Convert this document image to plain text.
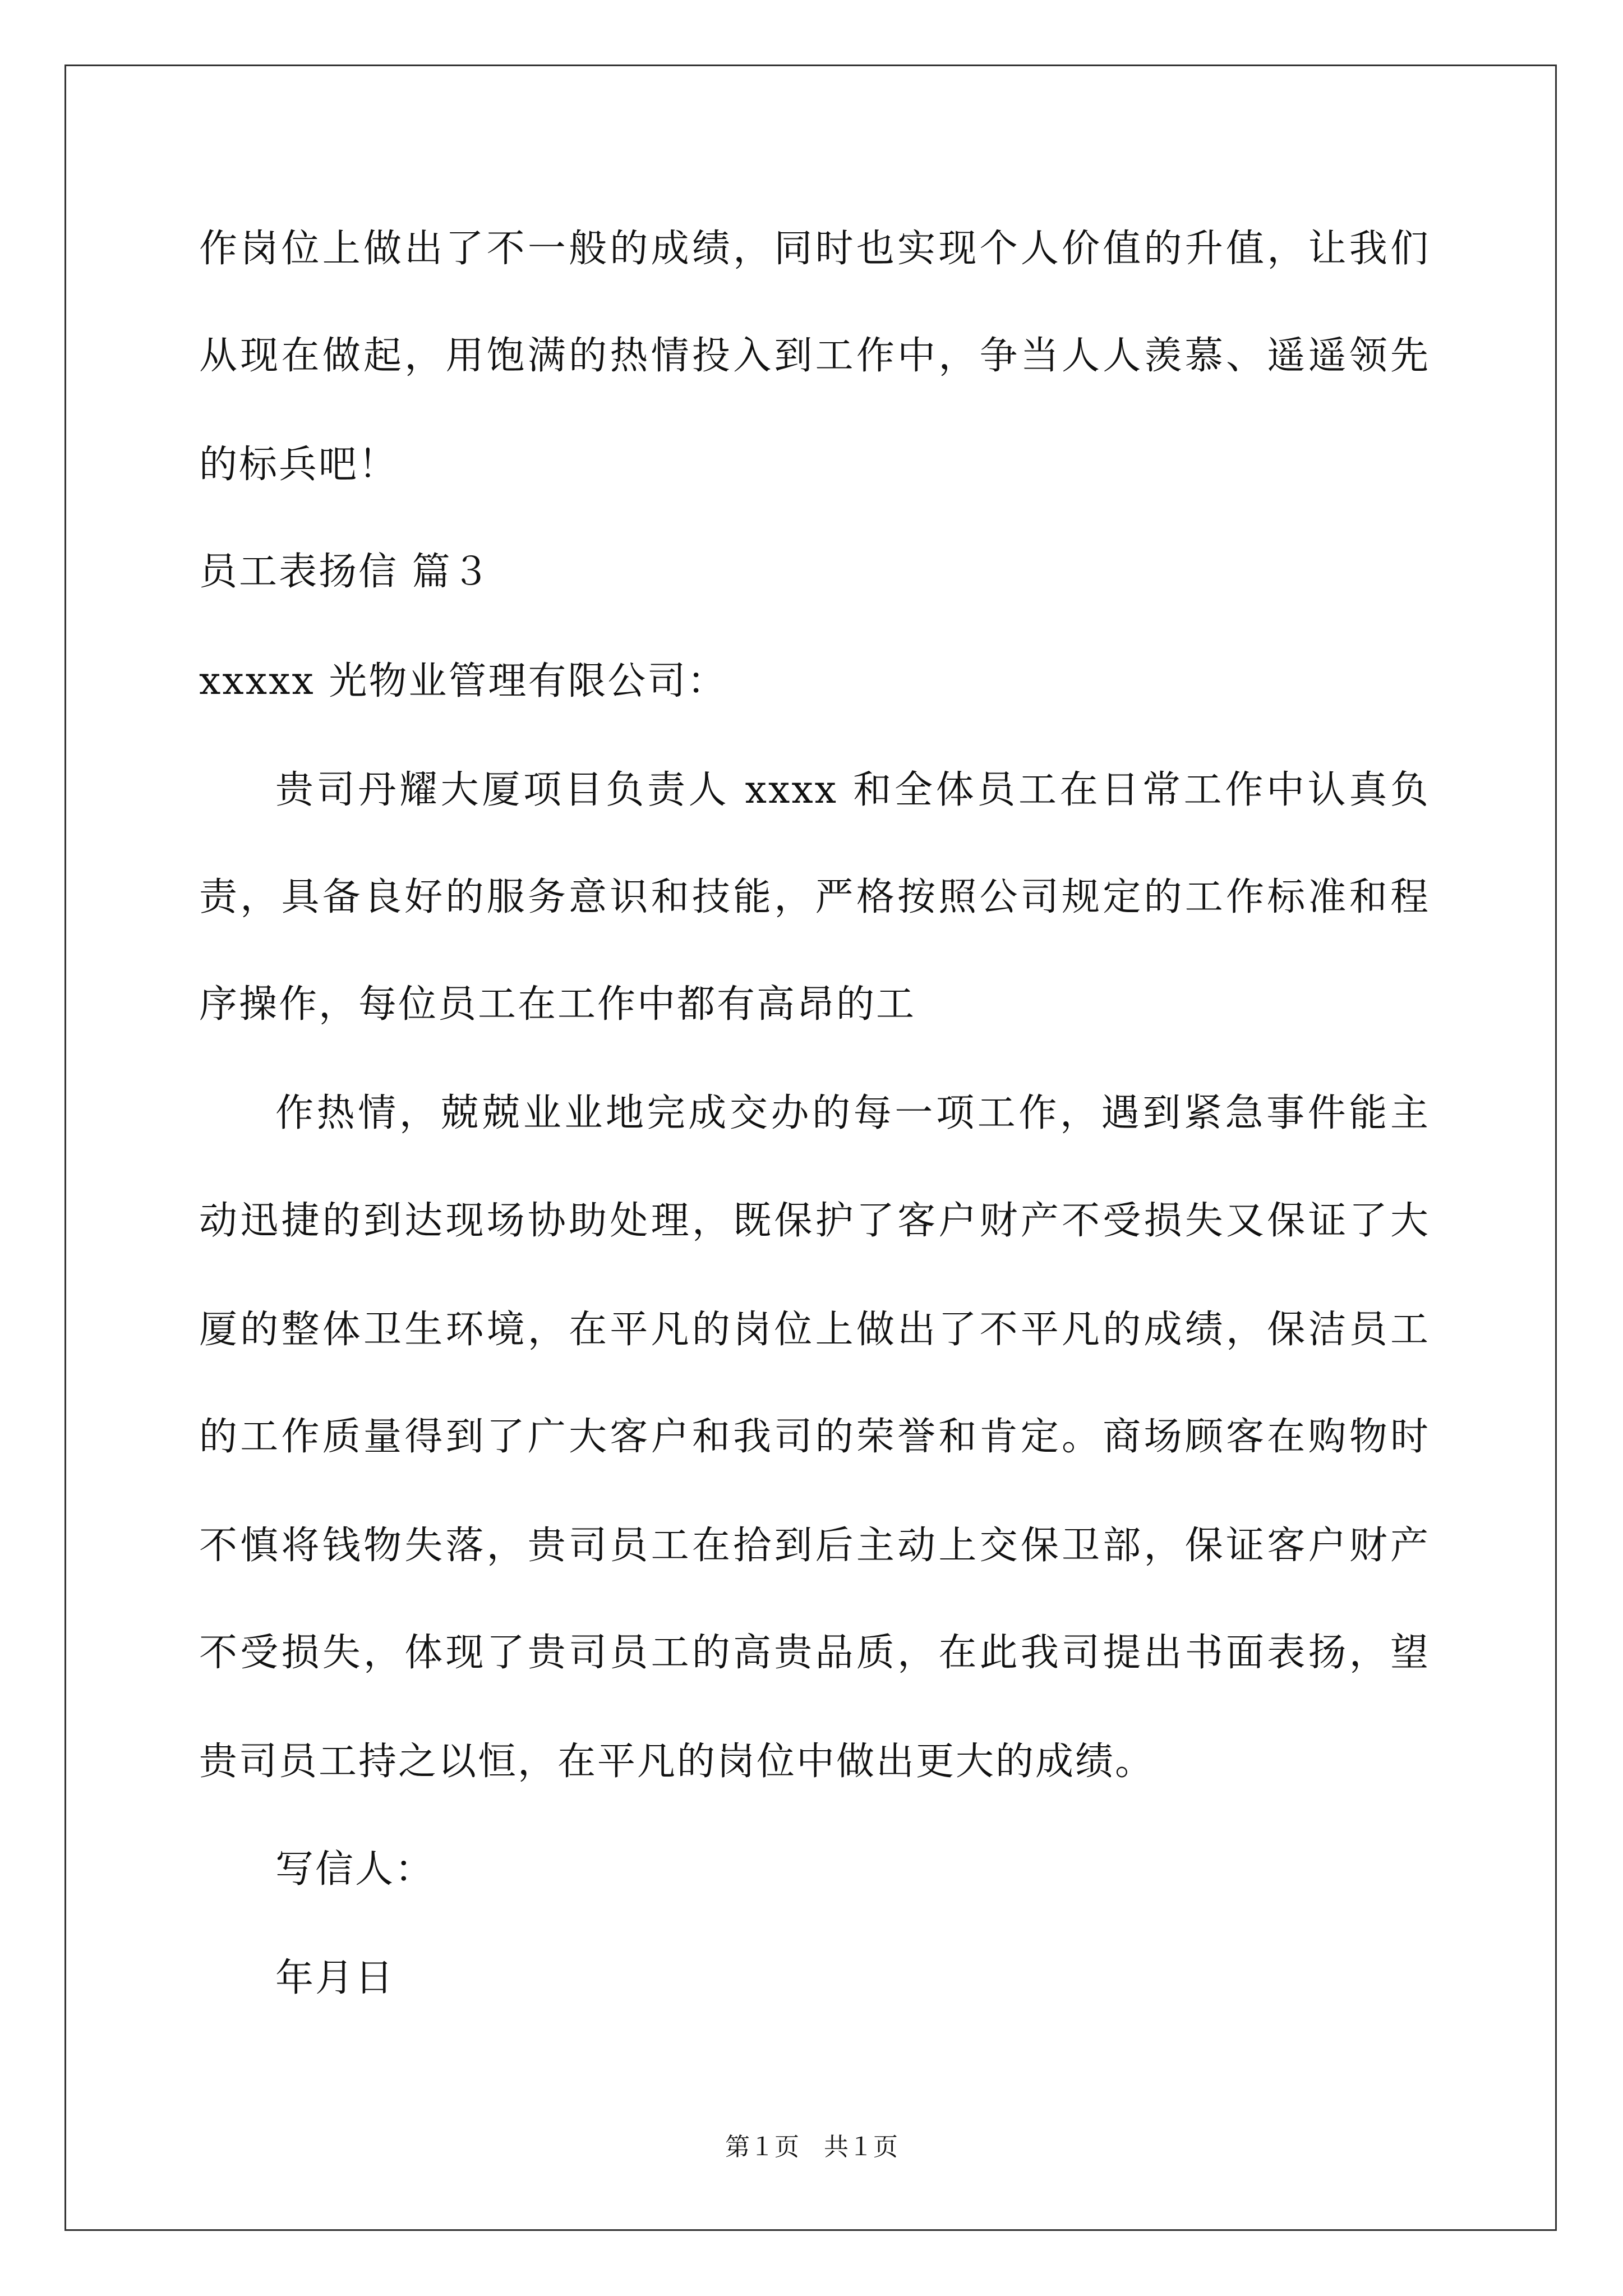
作岗位上做出了不一般的成绩，同时也实现个人价值的升值，让我们
从现在做起，用饱满的热情投入到工作中，争当人人羡慕、遥遥领先
的标兵吧！
员工表扬信 篇３
xxxxx 光物业管理有限公司：
贵司丹耀大厦项目负责人 xxxx 和全体员工在日常工作中认真负
责，具备良好的服务意识和技能，严格按照公司规定的工作标准和程
序操作，每位员工在工作中都有高昂的工
作热情，兢兢业业地完成交办的每一项工作，遇到紧急事件能主
动迅捷的到达现场协助处理，既保护了客户财产不受损失又保证了大
厦的整体卫生环境，在平凡的岗位上做出了不平凡的成绩，保洁员工
的工作质量得到了广大客户和我司的荣誉和肯定。商场顾客在购物时
不慎将钱物失落，贵司员工在拾到后主动上交保卫部，保证客户财产
不受损失，体现了贵司员工的高贵品质，在此我司提出书面表扬，望
贵司员工持之以恒，在平凡的岗位中做出更大的成绩。
写信人：
年月日
第１页　共１页
